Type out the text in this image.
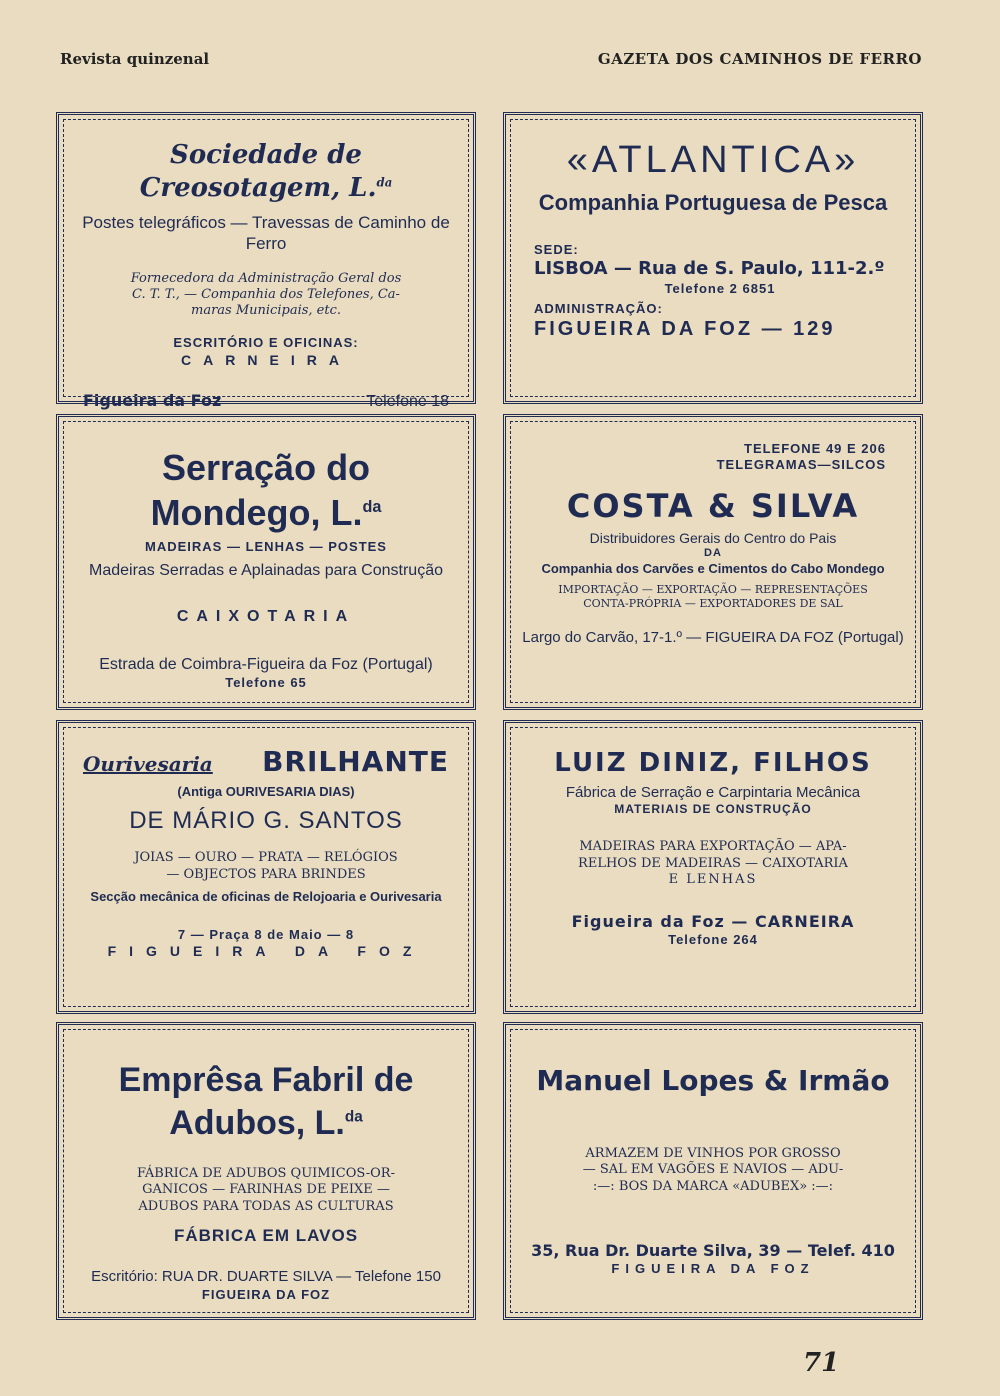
Revista quinzenal	GAZETA DOS CAMINHOS DE FERRO
Sociedade de Creosotagem, L.$^{da}$
Postes telegráficos — Travessas de Caminho de Ferro
Fornecedora da Administração Geral dos
C. T. T., — Companhia dos Telefones, Ca-
maras Municipais, etc.
ESCRITÓRIO E OFICINAS:
CARNEIRA
Figueira da Foz	Telefone 18
«ATLANTICA»
Companhia Portuguesa de Pesca
SEDE:
LISBOA — Rua de S. Paulo, 111-2.º
Telefone 2 6851
ADMINISTRAÇÃO:
FIGUEIRA DA FOZ — 129
Serração do Mondego, L.$^{da}$
MADEIRAS — LENHAS — POSTES
Madeiras Serradas e Aplainadas para Construção
CAIXOTARIA
Estrada de Coimbra-Figueira da Foz (Portugal)
Telefone 65
TELEFONE 49 E 206
TELEGRAMAS—SILCOS
COSTA & SILVA
Distribuidores Gerais do Centro do Pais
DA
Companhia dos Carvões e Cimentos do Cabo Mondego
IMPORTAÇÃO — EXPORTAÇÃO — REPRESENTAÇÕES
CONTA-PRÓPRIA — EXPORTADORES DE SAL
Largo do Carvão, 17-1.º — FIGUEIRA DA FOZ (Portugal)
Ourivesaria BRILHANTE
(Antiga OURIVESARIA DIAS)
DE MÁRIO G. SANTOS
JOIAS — OURO — PRATA — RELÓGIOS
— OBJECTOS PARA BRINDES
Secção mecânica de oficinas de Relojoaria e Ourivesaria
7 — Praça 8 de Maio — 8
FIGUEIRA DA FOZ
LUIZ DINIZ, FILHOS
Fábrica de Serração e Carpintaria Mecânica
MATERIAIS DE CONSTRUÇÃO
MADEIRAS PARA EXPORTAÇÃO — APA-
RELHOS DE MADEIRAS — CAIXOTARIA
E LENHAS
Figueira da Foz — CARNEIRA
Telefone 264
Emprêsa Fabril de Adubos, L.$^{da}$
FÁBRICA DE ADUBOS QUIMICOS-OR-
GANICOS — FARINHAS DE PEIXE —
ADUBOS PARA TODAS AS CULTURAS
FÁBRICA EM LAVOS
Escritório: RUA DR. DUARTE SILVA — Telefone 150
FIGUEIRA DA FOZ
Manuel Lopes & Irmão
ARMAZEM DE VINHOS POR GROSSO
— SAL EM VAGÕES E NAVIOS — ADU-
:—: BOS DA MARCA «ADUBEX» :—:
35, Rua Dr. Duarte Silva, 39 — Telef. 410
FIGUEIRA DA FOZ
71
